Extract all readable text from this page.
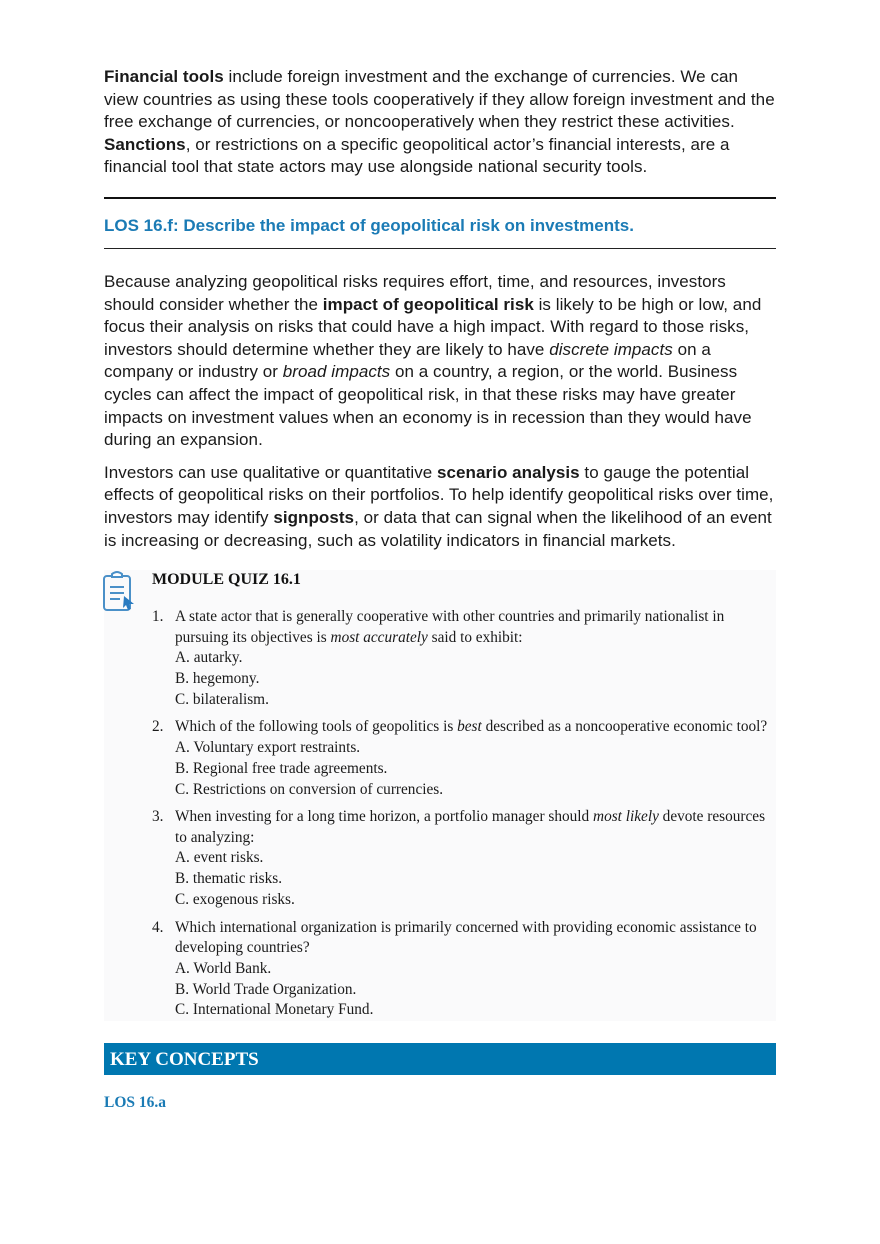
Financial tools include foreign investment and the exchange of currencies. We can view countries as using these tools cooperatively if they allow foreign investment and the free exchange of currencies, or noncooperatively when they restrict these activities. Sanctions, or restrictions on a specific geopolitical actor’s financial interests, are a financial tool that state actors may use alongside national security tools.

LOS 16.f: Describe the impact of geopolitical risk on investments.

Because analyzing geopolitical risks requires effort, time, and resources, investors should consider whether the impact of geopolitical risk is likely to be high or low, and focus their analysis on risks that could have a high impact. With regard to those risks, investors should determine whether they are likely to have discrete impacts on a company or industry or broad impacts on a country, a region, or the world. Business cycles can affect the impact of geopolitical risk, in that these risks may have greater impacts on investment values when an economy is in recession than they would have during an expansion.

Investors can use qualitative or quantitative scenario analysis to gauge the potential effects of geopolitical risks on their portfolios. To help identify geopolitical risks over time, investors may identify signposts, or data that can signal when the likelihood of an event is increasing or decreasing, such as volatility indicators in financial markets.

MODULE QUIZ 16.1
1. A state actor that is generally cooperative with other countries and primarily nationalist in pursuing its objectives is most accurately said to exhibit:
A. autarky.
B. hegemony.
C. bilateralism.
2. Which of the following tools of geopolitics is best described as a noncooperative economic tool?
A. Voluntary export restraints.
B. Regional free trade agreements.
C. Restrictions on conversion of currencies.
3. When investing for a long time horizon, a portfolio manager should most likely devote resources to analyzing:
A. event risks.
B. thematic risks.
C. exogenous risks.
4. Which international organization is primarily concerned with providing economic assistance to developing countries?
A. World Bank.
B. World Trade Organization.
C. International Monetary Fund.
KEY CONCEPTS
LOS 16.a
